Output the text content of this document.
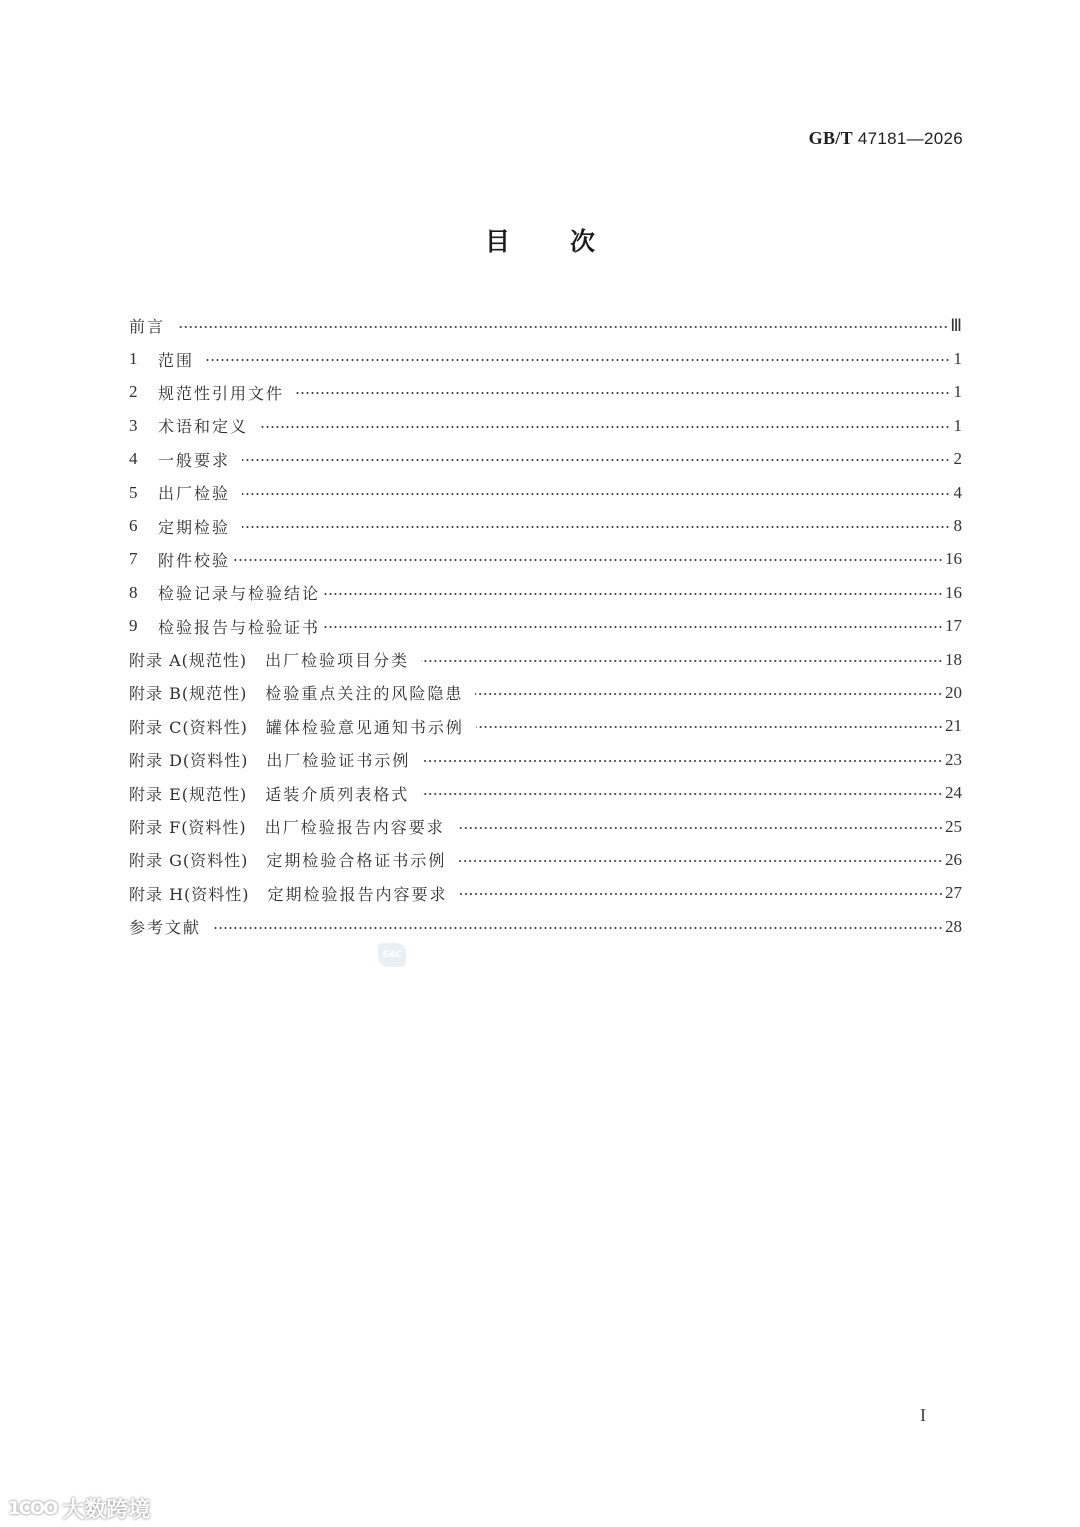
GB/T 47181—2026
目次
前言	Ⅲ
1	范围	1
2	规范性引用文件	1
3	术语和定义	1
4	一般要求	2
5	出厂检验	4
6	定期检验	8
7	附件校验	16
8	检验记录与检验结论	16
9	检验报告与检验证书	17
附录 A(规范性) 出厂检验项目分类	18
附录 B(规范性) 检验重点关注的风险隐患	20
附录 C(资料性) 罐体检验意见通知书示例	21
附录 D(资料性) 出厂检验证书示例	23
附录 E(规范性) 适装介质列表格式	24
附录 F(资料性) 出厂检验报告内容要求	25
附录 G(资料性) 定期检验合格证书示例	26
附录 H(资料性) 定期检验报告内容要求	27
参考文献	28
SAC
I
1COO 大数跨境
